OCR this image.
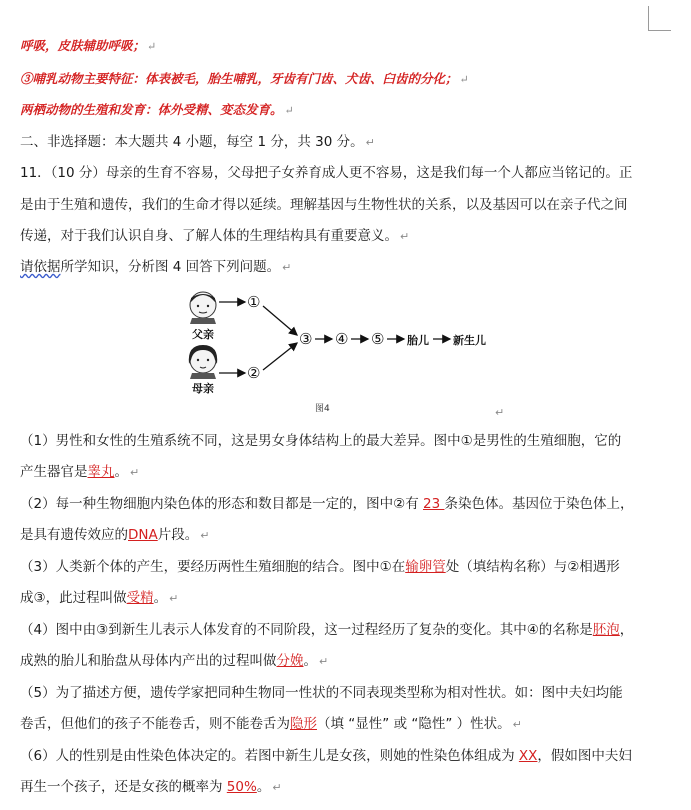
呼吸，皮肤辅助呼吸； ↵
③哺乳动物主要特征：体表被毛，胎生哺乳，牙齿有门齿、犬齿、臼齿的分化； ↵
两栖动物的生殖和发育：体外受精、变态发育。 ↵
二、非选择题：本大题共 4 小题，每空 1 分，共 30 分。 ↵
11．（10 分）母亲的生育不容易，父母把子女养育成人更不容易，这是我们每一个人都应当铭记的。正
是由于生殖和遗传，我们的生命才得以延续。理解基因与生物性状的关系，以及基因可以在亲子代之间
传递，对于我们认识自身、了解人体的生理结构具有重要意义。 ↵
请依据所学知识，分析图 4 回答下列问题。 ↵
父亲
母亲
①
②
③ ④ ⑤ 胎儿 新生儿
图4	↵
（1）男性和女性的生殖系统不同，这是男女身体结构上的最大差异。图中①是男性的生殖细胞，它的
产生器官是睾丸。 ↵
（2）每一种生物细胞内染色体的形态和数目都是一定的，图中②有 23 条染色体。基因位于染色体上，
是具有遗传效应的DNA片段。 ↵
（3）人类新个体的产生，要经历两性生殖细胞的结合。图中①在输卵管处（填结构名称）与②相遇形
成③，此过程叫做受精。 ↵
（4）图中由③到新生儿表示人体发育的不同阶段，这一过程经历了复杂的变化。其中④的名称是胚泡，
成熟的胎儿和胎盘从母体内产出的过程叫做分娩。 ↵
（5）为了描述方便，遗传学家把同种生物同一性状的不同表现类型称为相对性状。如：图中夫妇均能
卷舌，但他们的孩子不能卷舌，则不能卷舌为隐形（填 “显性” 或 “隐性” ）性状。 ↵
（6）人的性别是由性染色体决定的。若图中新生儿是女孩，则她的性染色体组成为 XX，假如图中夫妇
再生一个孩子，还是女孩的概率为 50%。 ↵
